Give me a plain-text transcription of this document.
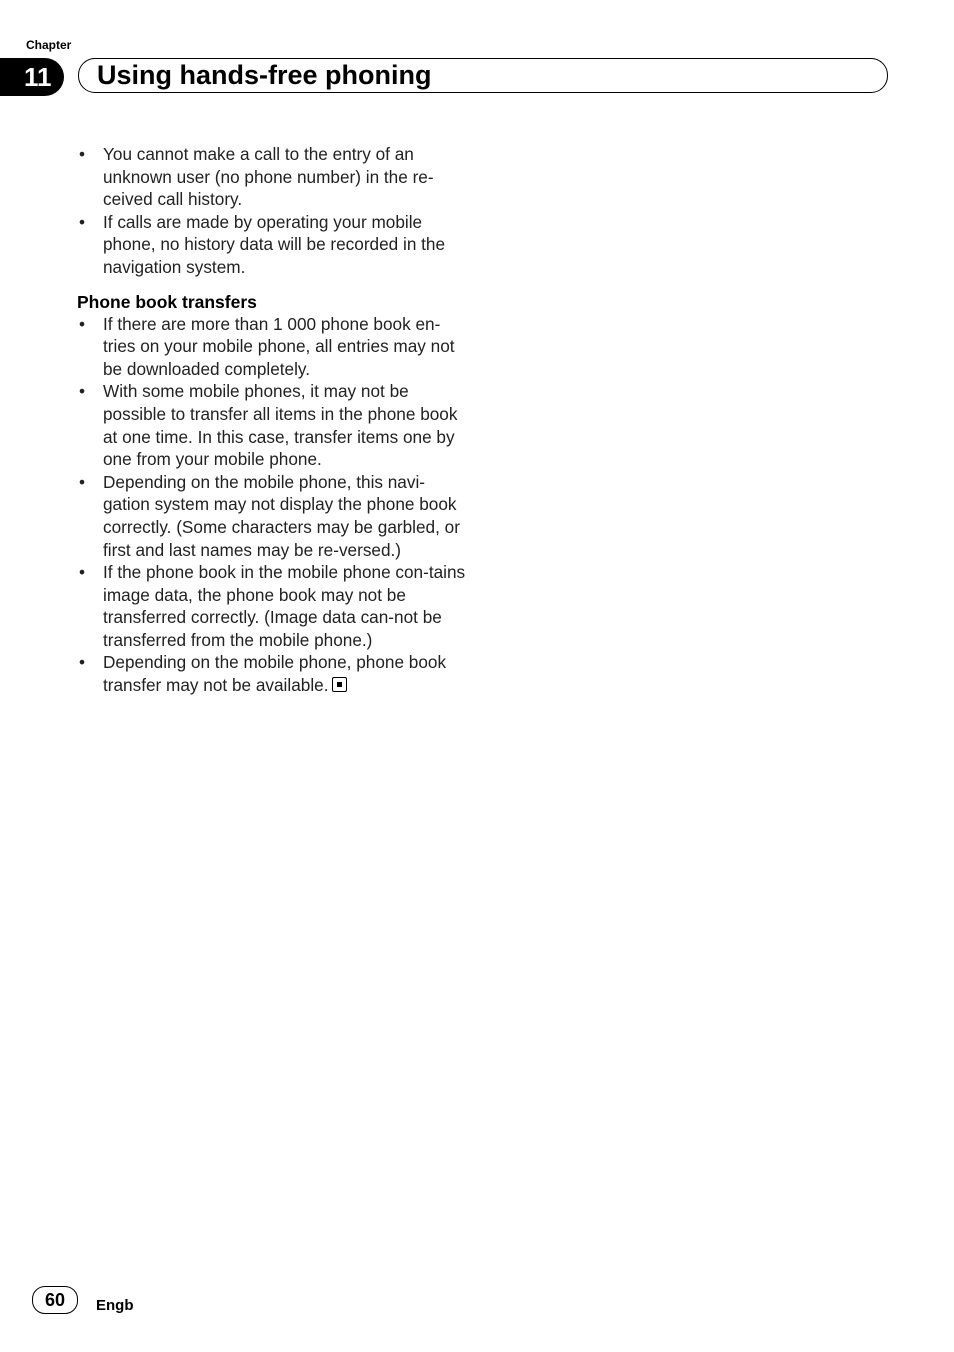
Chapter
11	Using hands-free phoning
• You cannot make a call to the entry of an unknown user (no phone number) in the re-ceived call history.
• If calls are made by operating your mobile phone, no history data will be recorded in the navigation system.
Phone book transfers
• If there are more than 1 000 phone book en-tries on your mobile phone, all entries may not be downloaded completely.
• With some mobile phones, it may not be possible to transfer all items in the phone book at one time. In this case, transfer items one by one from your mobile phone.
• Depending on the mobile phone, this navi-gation system may not display the phone book correctly. (Some characters may be garbled, or first and last names may be re-versed.)
• If the phone book in the mobile phone con-tains image data, the phone book may not be transferred correctly. (Image data can-not be transferred from the mobile phone.)
• Depending on the mobile phone, phone book transfer may not be available.
60	Engb
